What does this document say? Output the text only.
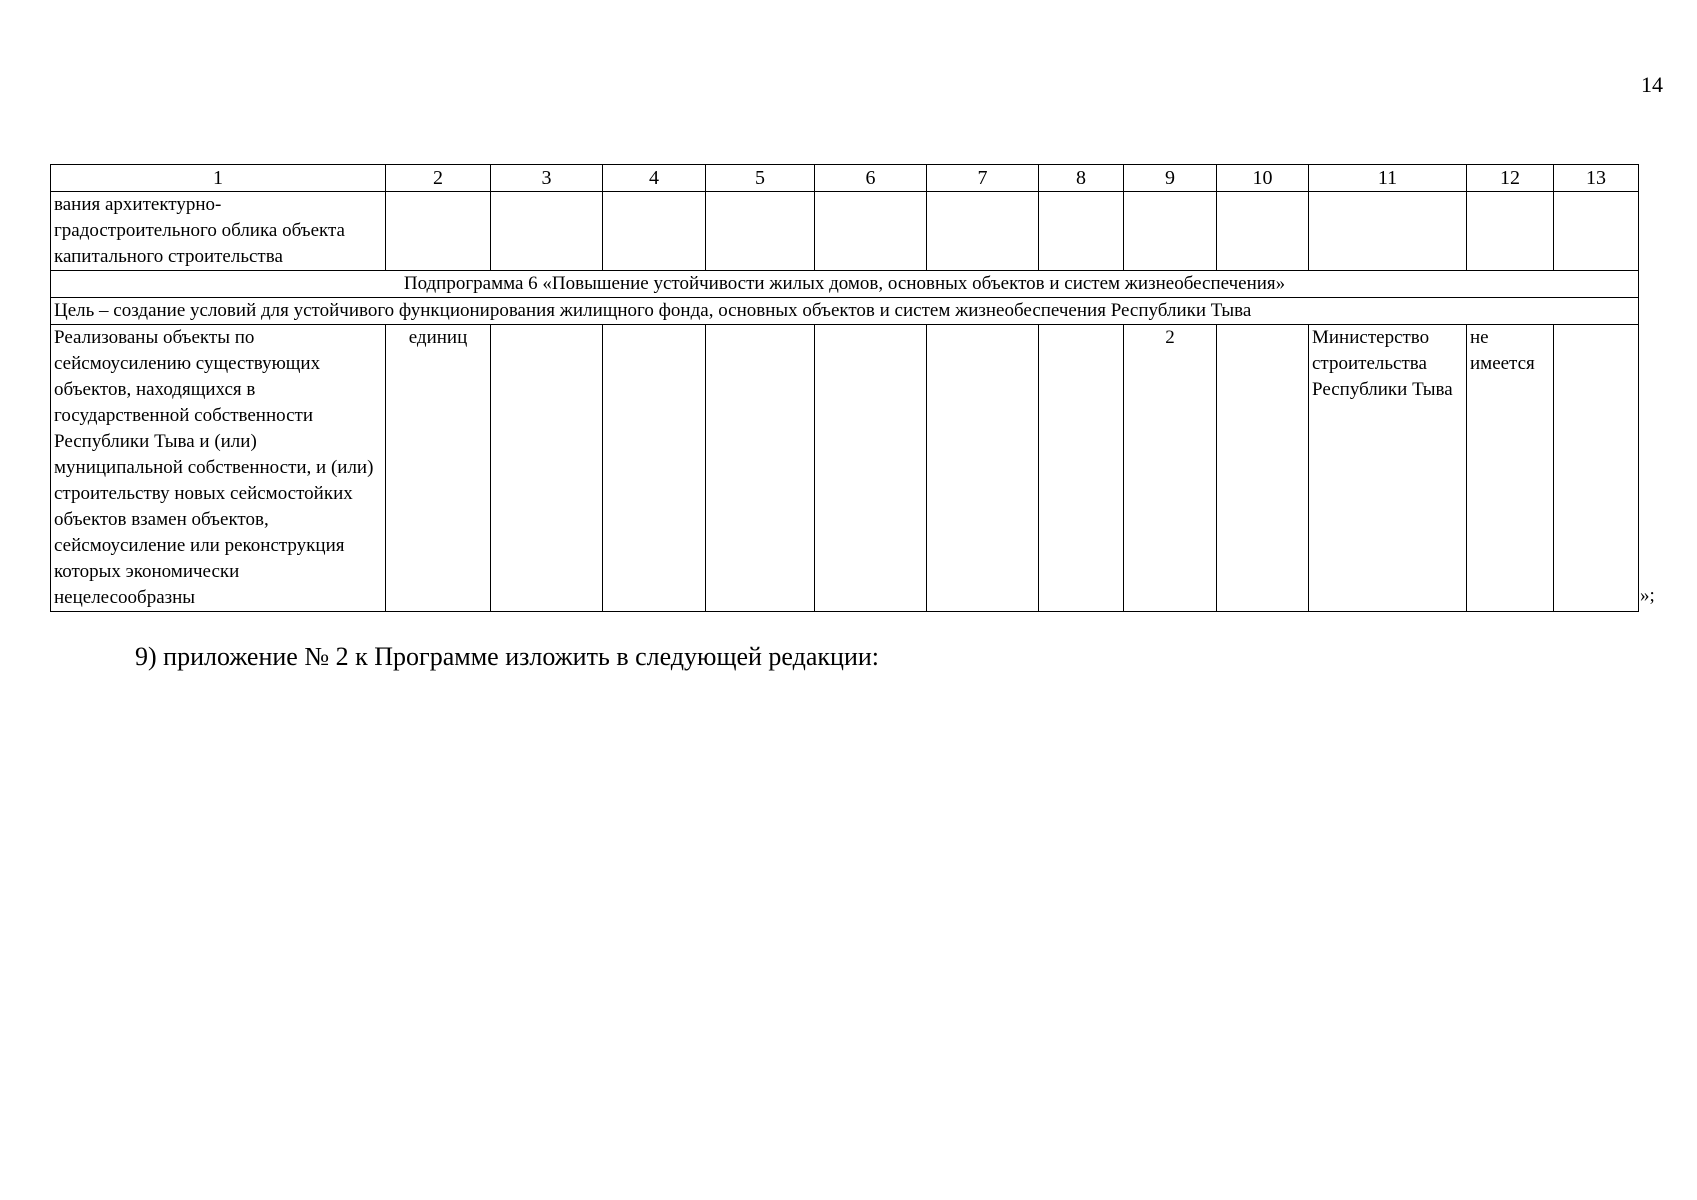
14
1	2	3	4	5	6	7	8	9	10	11	12	13
вания архитектурно-градостроительного облика объекта капитального строительства												
Подпрограмма 6 «Повышение устойчивости жилых домов, основных объектов и систем жизнеобеспечения»												
Цель – создание условий для устойчивого функционирования жилищного фонда, основных объектов и систем жизнеобеспечения Республики Тыва												
Реализованы объекты по сейсмоусилению существующих объектов, находящихся в государственной собственности Республики Тыва и (или) муниципальной собственности, и (или) строительству новых сейсмостойких объектов взамен объектов, сейсмоусиление или реконструкция которых экономически нецелесообразны	единиц							2		Министерство строительства Республики Тыва	не имеется	
»;
9) приложение № 2 к Программе изложить в следующей редакции:
